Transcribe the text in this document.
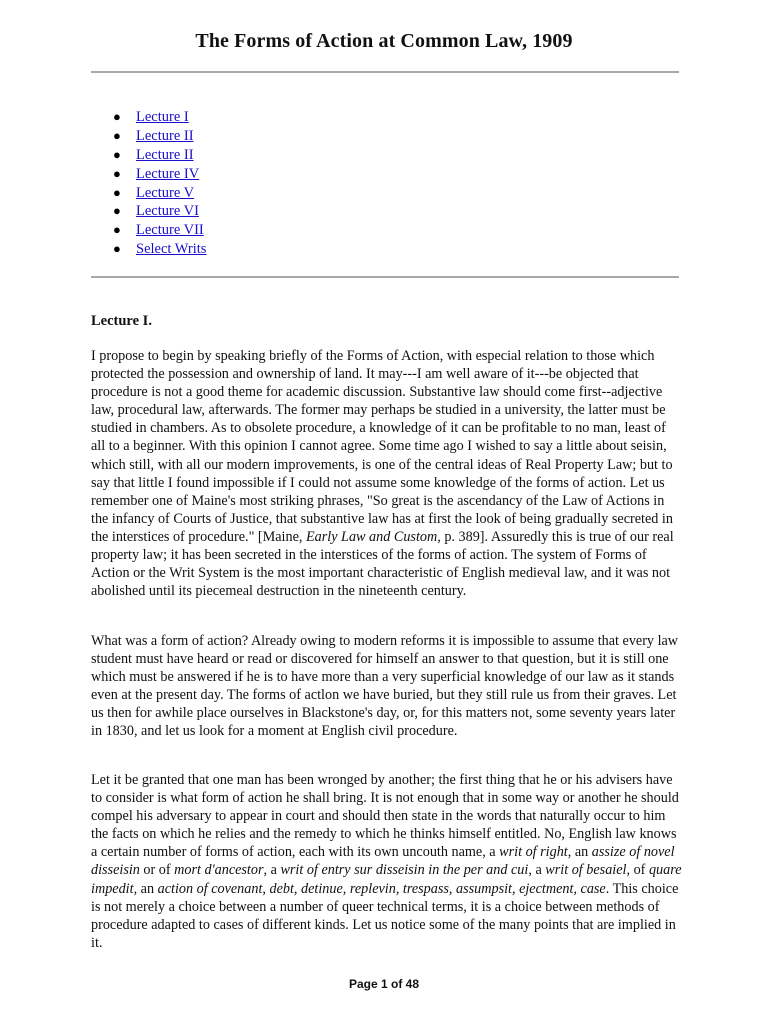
The Forms of Action at Common Law, 1909
● Lecture I
● Lecture II
● Lecture II
● Lecture IV
● Lecture V
● Lecture VI
● Lecture VII
● Select Writs
Lecture I.

I propose to begin by speaking briefly of the Forms of Action, with especial relation to those which protected the possession and ownership of land. It may---I am well aware of it---be objected that procedure is not a good theme for academic discussion. Substantive law should come first--adjective law, procedural law, afterwards. The former may perhaps be studied in a university, the latter must be studied in chambers. As to obsolete procedure, a knowledge of it can be profitable to no man, least of all to a beginner. With this opinion I cannot agree. Some time ago I wished to say a little about seisin, which still, with all our modern improvements, is one of the central ideas of Real Property Law; but to say that little I found impossible if I could not assume some knowledge of the forms of action. Let us remember one of Maine's most striking phrases, "So great is the ascendancy of the Law of Actions in the infancy of Courts of Justice, that substantive law has at first the look of being gradually secreted in the interstices of procedure." [Maine, Early Law and Custom, p. 389]. Assuredly this is true of our real property law; it has been secreted in the interstices of the forms of action. The system of Forms of Action or the Writ System is the most important characteristic of English medieval law, and it was not abolished until its piecemeal destruction in the nineteenth century.

What was a form of action? Already owing to modern reforms it is impossible to assume that every law student must have heard or read or discovered for himself an answer to that question, but it is still one which must be answered if he is to have more than a very superficial knowledge of our law as it stands even at the present day. The forms of actlon we have buried, but they still rule us from their graves. Let us then for awhile place ourselves in Blackstone's day, or, for this matters not, some seventy years later in 1830, and let us look for a moment at English civil procedure.

Let it be granted that one man has been wronged by another; the first thing that he or his advisers have to consider is what form of action he shall bring. It is not enough that in some way or another he should compel his adversary to appear in court and should then state in the words that naturally occur to him the facts on which he relies and the remedy to which he thinks himself entitled. No, English law knows a certain number of forms of action, each with its own uncouth name, a writ of right, an assize of novel disseisin or of mort d'ancestor, a writ of entry sur disseisin in the per and cui, a writ of besaiel, of quare impedit, an action of covenant, debt, detinue, replevin, trespass, assumpsit, ejectment, case. This choice is not merely a choice between a number of queer technical terms, it is a choice between methods of procedure adapted to cases of different kinds. Let us notice some of the many points that are implied in it.

Page 1 of 48
